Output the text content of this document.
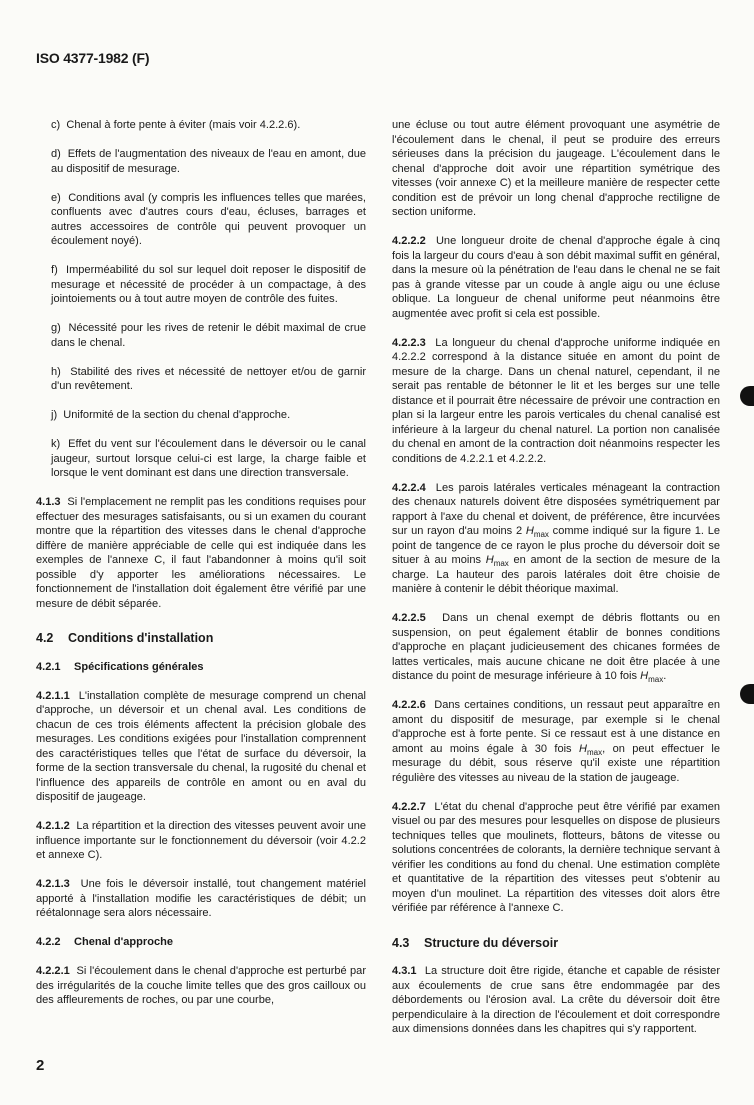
ISO 4377-1982 (F)

c) Chenal à forte pente à éviter (mais voir 4.2.2.6).

d) Effets de l'augmentation des niveaux de l'eau en amont, due au dispositif de mesurage.

e) Conditions aval (y compris les influences telles que marées, confluents avec d'autres cours d'eau, écluses, barrages et autres accessoires de contrôle qui peuvent provoquer un écoulement noyé).

f) Imperméabilité du sol sur lequel doit reposer le dispositif de mesurage et nécessité de procéder à un compactage, à des jointoiements ou à tout autre moyen de contrôle des fuites.

g) Nécessité pour les rives de retenir le débit maximal de crue dans le chenal.

h) Stabilité des rives et nécessité de nettoyer et/ou de garnir d'un revêtement.

j) Uniformité de la section du chenal d'approche.

k) Effet du vent sur l'écoulement dans le déversoir ou le canal jaugeur, surtout lorsque celui-ci est large, la charge faible et lorsque le vent dominant est dans une direction transversale.

4.1.3 Si l'emplacement ne remplit pas les conditions requises pour effectuer des mesurages satisfaisants, ou si un examen du courant montre que la répartition des vitesses dans le chenal d'approche diffère de manière appréciable de celle qui est indiquée dans les exemples de l'annexe C, il faut l'abandonner à moins qu'il soit possible d'y apporter les améliorations nécessaires. Le fonctionnement de l'installation doit également être vérifié par une mesure de débit séparée.

4.2 Conditions d'installation
4.2.1 Spécifications générales

4.2.1.1 L'installation complète de mesurage comprend un chenal d'approche, un déversoir et un chenal aval. Les conditions de chacun de ces trois éléments affectent la précision globale des mesurages. Les conditions exigées pour l'installation comprennent des caractéristiques telles que l'état de surface du déversoir, la forme de la section transversale du chenal, la rugosité du chenal et l'influence des appareils de contrôle en amont ou en aval du dispositif de jaugeage.

4.2.1.2 La répartition et la direction des vitesses peuvent avoir une influence importante sur le fonctionnement du déversoir (voir 4.2.2 et annexe C).

4.2.1.3 Une fois le déversoir installé, tout changement matériel apporté à l'installation modifie les caractéristiques de débit; un réétalonnage sera alors nécessaire.

4.2.2 Chenal d'approche

4.2.2.1 Si l'écoulement dans le chenal d'approche est perturbé par des irrégularités de la couche limite telles que des gros cailloux ou des affleurements de roches, ou par une courbe,

une écluse ou tout autre élément provoquant une asymétrie de l'écoulement dans le chenal, il peut se produire des erreurs sérieuses dans la précision du jaugeage. L'écoulement dans le chenal d'approche doit avoir une répartition symétrique des vitesses (voir annexe C) et la meilleure manière de respecter cette condition est de prévoir un long chenal d'approche rectiligne de section uniforme.

4.2.2.2 Une longueur droite de chenal d'approche égale à cinq fois la largeur du cours d'eau à son débit maximal suffit en général, dans la mesure où la pénétration de l'eau dans le chenal ne se fait pas à grande vitesse par un coude à angle aigu ou une écluse oblique. La longueur de chenal uniforme peut néanmoins être augmentée avec profit si cela est possible.

4.2.2.3 La longueur du chenal d'approche uniforme indiquée en 4.2.2.2 correspond à la distance située en amont du point de mesure de la charge. Dans un chenal naturel, cependant, il ne serait pas rentable de bétonner le lit et les berges sur une telle distance et il pourrait être nécessaire de prévoir une contraction en plan si la largeur entre les parois verticales du chenal canalisé est inférieure à la largeur du chenal naturel. La portion non canalisée du chenal en amont de la contraction doit néanmoins respecter les conditions de 4.2.2.1 et 4.2.2.2.

4.2.2.4 Les parois latérales verticales ménageant la contraction des chenaux naturels doivent être disposées symétriquement par rapport à l'axe du chenal et doivent, de préférence, être incurvées sur un rayon d'au moins 2 $H_{max}$ comme indiqué sur la figure 1. Le point de tangence de ce rayon le plus proche du déversoir doit se situer à au moins $H_{max}$ en amont de la section de mesure de la charge. La hauteur des parois latérales doit être choisie de manière à contenir le débit théorique maximal.

4.2.2.5 Dans un chenal exempt de débris flottants ou en suspension, on peut également établir de bonnes conditions d'approche en plaçant judicieusement des chicanes formées de lattes verticales, mais aucune chicane ne doit être placée à une distance du point de mesurage inférieure à 10 fois $H_{max}$.

4.2.2.6 Dans certaines conditions, un ressaut peut apparaître en amont du dispositif de mesurage, par exemple si le chenal d'approche est à forte pente. Si ce ressaut est à une distance en amont au moins égale à 30 fois $H_{max}$, on peut effectuer le mesurage du débit, sous réserve qu'il existe une répartition régulière des vitesses au niveau de la station de jaugeage.

4.2.2.7 L'état du chenal d'approche peut être vérifié par examen visuel ou par des mesures pour lesquelles on dispose de plusieurs techniques telles que moulinets, flotteurs, bâtons de vitesse ou solutions concentrées de colorants, la dernière technique servant à vérifier les conditions au fond du chenal. Une estimation complète et quantitative de la répartition des vitesses peut s'obtenir au moyen d'un moulinet. La répartition des vitesses doit alors être vérifiée par référence à l'annexe C.

4.3 Structure du déversoir

4.3.1 La structure doit être rigide, étanche et capable de résister aux écoulements de crue sans être endommagée par des débordements ou l'érosion aval. La crête du déversoir doit être perpendiculaire à la direction de l'écoulement et doit correspondre aux dimensions données dans les chapitres qui s'y rapportent.

2
